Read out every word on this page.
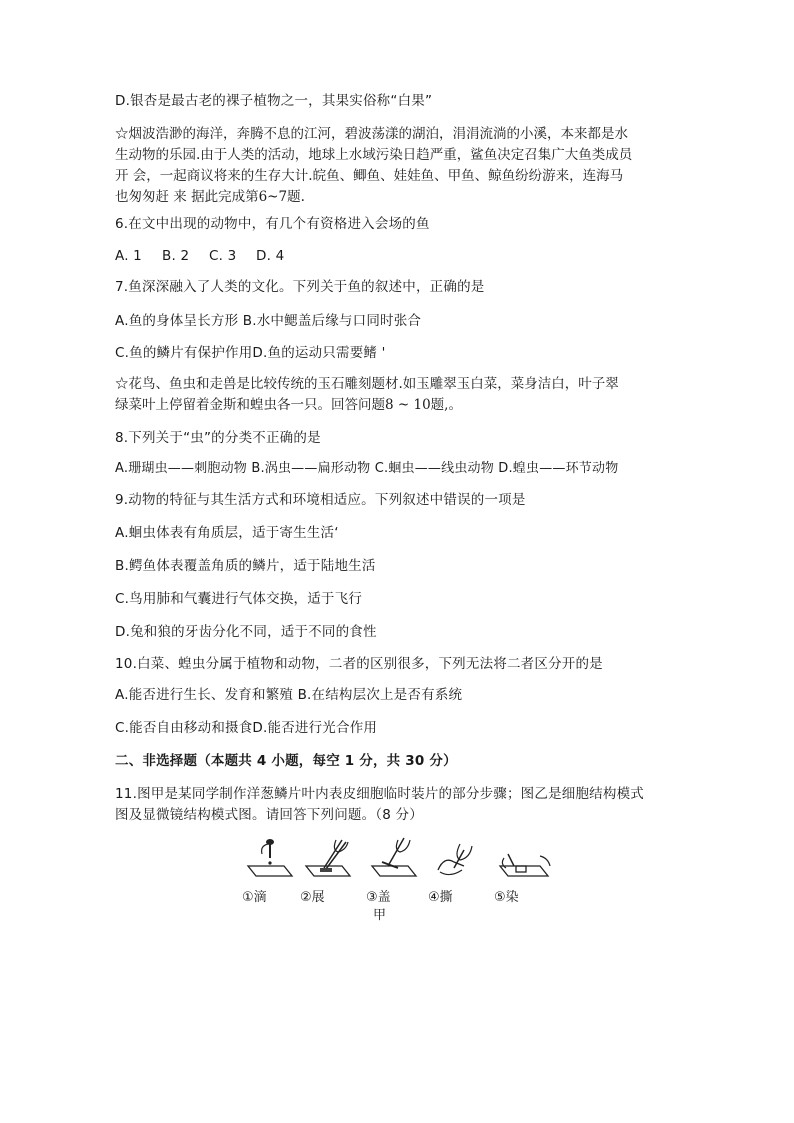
D.银杏是最古老的裸子植物之一，其果实俗称“白果”
☆烟波浩渺的海洋，奔腾不息的江河，碧波荡漾的湖泊，涓涓流淌的小溪，本来都是水
生动物的乐园.由于人类的活动，地球上水域污染日趋严重，鲨鱼决定召集广大鱼类成员
开 会，一起商议将来的生存大计.皖鱼、鲫鱼、娃娃鱼、甲鱼、鲸鱼纷纷游来，连海马
也匆匆赶 来 据此完成第6~7题.
6.在文中出现的动物中，有几个有资格进入会场的鱼
A. 1	B. 2	C. 3	D. 4
7.鱼深深融入了人类的文化。下列关于鱼的叙述中，正确的是
A.鱼的身体呈长方形 B.水中鳃盖后缘与口同时张合
C.鱼的鳞片有保护作用D.鱼的运动只需要鳍 '
☆花鸟、鱼虫和走兽是比较传统的玉石雕刻题材.如玉雕翠玉白菜，菜身洁白，叶子翠
绿菜叶上停留着金斯和蝗虫各一只。回答问题8 ~ 10题,。
8.下列关于“虫”的分类不正确的是
A.珊瑚虫——刺胞动物 B.涡虫——扁形动物 C.蛔虫——线虫动物 D.蝗虫——环节动物
9.动物的特征与其生活方式和环境相适应。下列叙述中错误的一项是
A.蛔虫体表有角质层，适于寄生生活‘
B.鳄鱼体表覆盖角质的鳞片，适于陆地生活
C.鸟用肺和气囊进行气体交换，适于飞行
D.兔和狼的牙齿分化不同，适于不同的食性
10.白菜、蝗虫分属于植物和动物，二者的区别很多，下列无法将二者区分开的是
A.能否进行生长、发育和繁殖 B.在结构层次上是否有系统
C.能否自由移动和摄食D.能否进行光合作用
二、非选择题（本题共 4 小题，每空 1 分，共 30 分）
11.图甲是某同学制作洋葱鳞片叶内表皮细胞临时装片的部分步骤；图乙是细胞结构模式
图及显微镜结构模式图。请回答下列问题。（8 分）
①滴	②展	③盖	④撕	⑤染
甲
